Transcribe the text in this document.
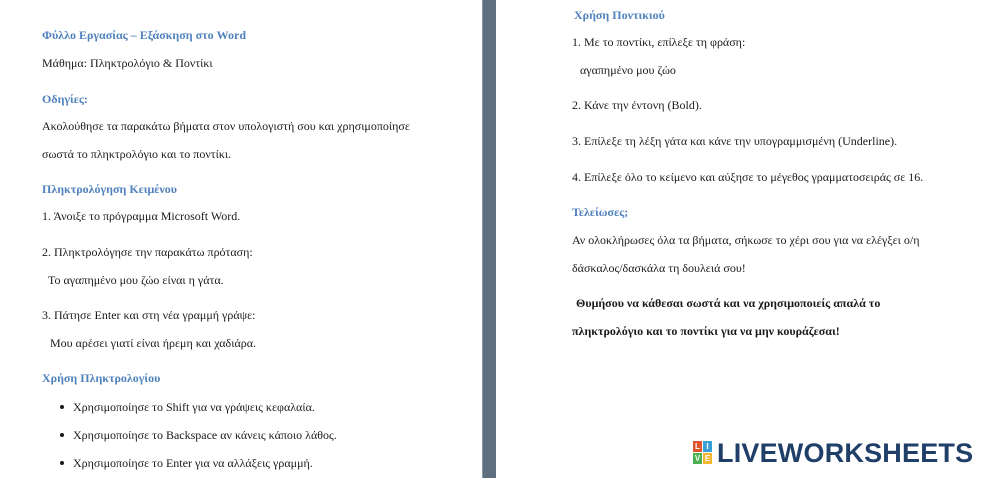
Φύλλο Εργασίας – Εξάσκηση στο Word
Μάθημα: Πληκτρολόγιο & Ποντίκι
Οδηγίες:
Ακολούθησε τα παρακάτω βήματα στον υπολογιστή σου και χρησιμοποίησε
σωστά το πληκτρολόγιο και το ποντίκι.
Πληκτρολόγηση Κειμένου
1. Άνοιξε το πρόγραμμα Microsoft Word.
2. Πληκτρολόγησε την παρακάτω πρόταση:
Το αγαπημένο μου ζώο είναι η γάτα.
3. Πάτησε Enter και στη νέα γραμμή γράψε:
Μου αρέσει γιατί είναι ήρεμη και χαδιάρα.
Χρήση Πληκτρολογίου
Χρησιμοποίησε το Shift για να γράψεις κεφαλαία.
Χρησιμοποίησε το Backspace αν κάνεις κάποιο λάθος.
Χρησιμοποίησε το Enter για να αλλάξεις γραμμή.
Χρήση Ποντικιού
1. Με το ποντίκι, επίλεξε τη φράση:
αγαπημένο μου ζώο
2. Κάνε την έντονη (Bold).
3. Επίλεξε τη λέξη γάτα και κάνε την υπογραμμισμένη (Underline).
4. Επίλεξε όλο το κείμενο και αύξησε το μέγεθος γραμματοσειράς σε 16.
Τελείωσες;
Αν ολοκλήρωσες όλα τα βήματα, σήκωσε το χέρι σου για να ελέγξει ο/η
δάσκαλος/δασκάλα τη δουλειά σου!
Θυμήσου να κάθεσαι σωστά και να χρησιμοποιείς απαλά το
πληκτρολόγιο και το ποντίκι για να μην κουράζεσαι!
L I
V E LIVEWORKSHEETS
